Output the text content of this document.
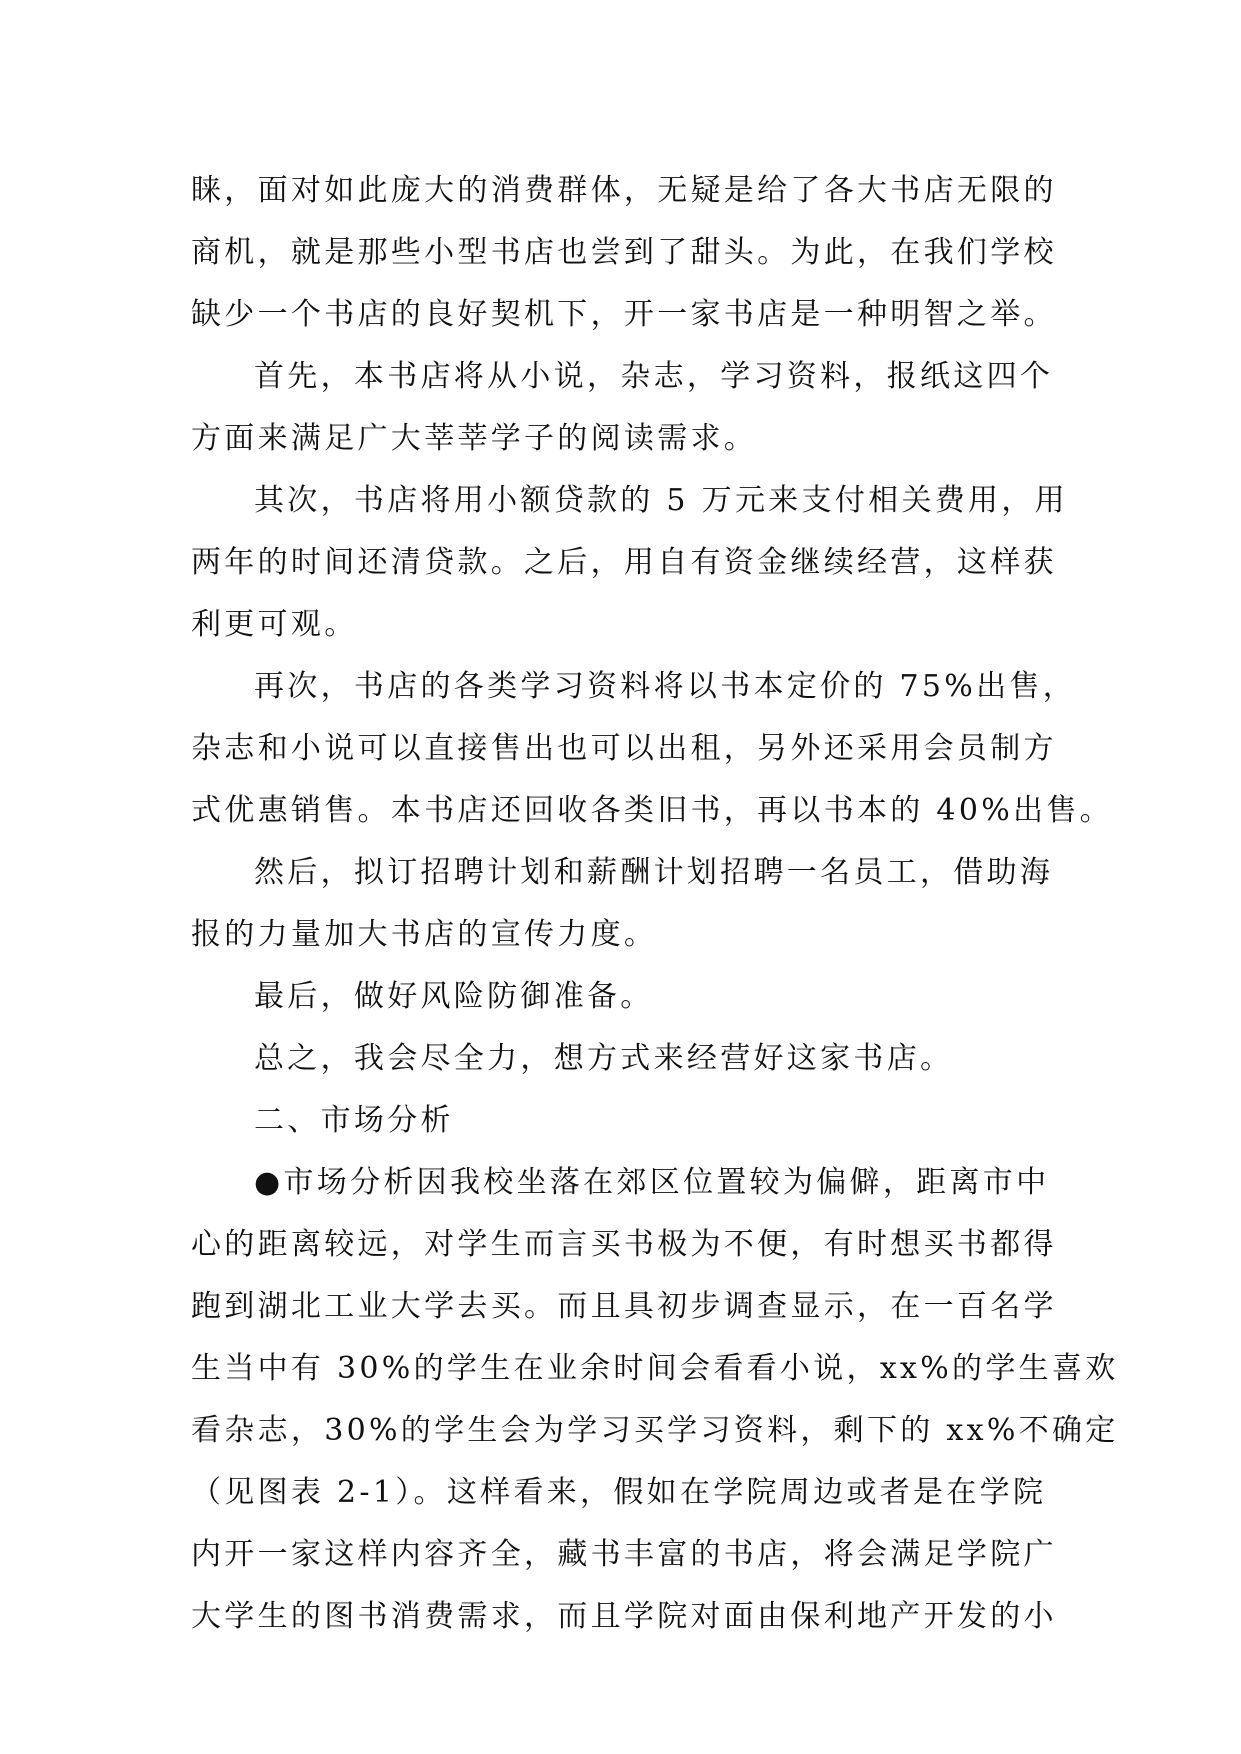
睐，面对如此庞大的消费群体，无疑是给了各大书店无限的
商机，就是那些小型书店也尝到了甜头。为此，在我们学校
缺少一个书店的良好契机下，开一家书店是一种明智之举。
首先，本书店将从小说，杂志，学习资料，报纸这四个
方面来满足广大莘莘学子的阅读需求。
其次，书店将用小额贷款的 5 万元来支付相关费用，用
两年的时间还清贷款。之后，用自有资金继续经营，这样获
利更可观。
再次，书店的各类学习资料将以书本定价的 75%出售，
杂志和小说可以直接售出也可以出租，另外还采用会员制方
式优惠销售。本书店还回收各类旧书，再以书本的 40%出售。
然后，拟订招聘计划和薪酬计划招聘一名员工，借助海
报的力量加大书店的宣传力度。
最后，做好风险防御准备。
总之，我会尽全力，想方式来经营好这家书店。
二、市场分析
●市场分析因我校坐落在郊区位置较为偏僻，距离市中
心的距离较远，对学生而言买书极为不便，有时想买书都得
跑到湖北工业大学去买。而且具初步调查显示，在一百名学
生当中有 30%的学生在业余时间会看看小说，xx%的学生喜欢
看杂志，30%的学生会为学习买学习资料，剩下的 xx%不确定
（见图表 2-1）。这样看来，假如在学院周边或者是在学院
内开一家这样内容齐全，藏书丰富的书店，将会满足学院广
大学生的图书消费需求，而且学院对面由保利地产开发的小
